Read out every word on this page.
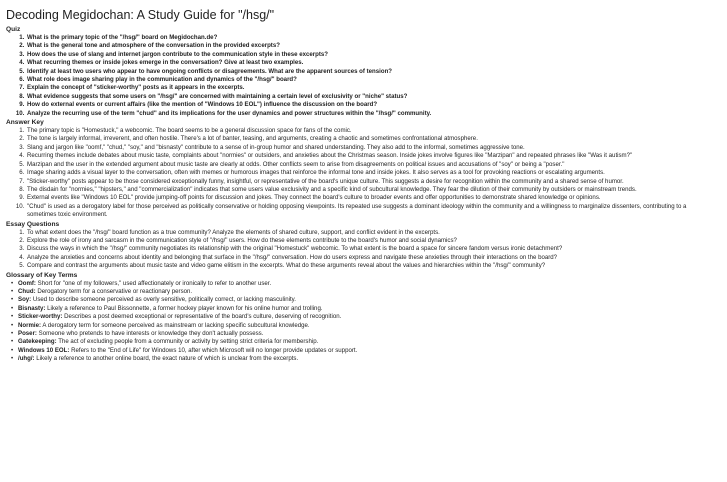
Decoding Megidochan: A Study Guide for "/hsg/"
Quiz
1. What is the primary topic of the "/hsg/" board on Megidochan.de?
2. What is the general tone and atmosphere of the conversation in the provided excerpts?
3. How does the use of slang and internet jargon contribute to the communication style in these excerpts?
4. What recurring themes or inside jokes emerge in the conversation? Give at least two examples.
5. Identify at least two users who appear to have ongoing conflicts or disagreements. What are the apparent sources of tension?
6. What role does image sharing play in the communication and dynamics of the "/hsg/" board?
7. Explain the concept of "sticker-worthy" posts as it appears in the excerpts.
8. What evidence suggests that some users on "/hsg/" are concerned with maintaining a certain level of exclusivity or "niche" status?
9. How do external events or current affairs (like the mention of "Windows 10 EOL") influence the discussion on the board?
10. Analyze the recurring use of the term "chud" and its implications for the user dynamics and power structures within the "/hsg/" community.
Answer Key
1. The primary topic is "Homestuck," a webcomic. The board seems to be a general discussion space for fans of the comic.
2. The tone is largely informal, irreverent, and often hostile. There's a lot of banter, teasing, and arguments, creating a chaotic and sometimes confrontational atmosphere.
3. Slang and jargon like "oomf," "chud," "soy," and "bisnasty" contribute to a sense of in-group humor and shared understanding. They also add to the informal, sometimes aggressive tone.
4. Recurring themes include debates about music taste, complaints about "normies" or outsiders, and anxieties about the Christmas season. Inside jokes involve figures like "Marzipan" and repeated phrases like "Was it autism?"
5. Marzipan and the user in the extended argument about music taste are clearly at odds. Other conflicts seem to arise from disagreements on political issues and accusations of "soy" or being a "poser."
6. Image sharing adds a visual layer to the conversation, often with memes or humorous images that reinforce the informal tone and inside jokes. It also serves as a tool for provoking reactions or escalating arguments.
7. "Sticker-worthy" posts appear to be those considered exceptionally funny, insightful, or representative of the board's unique culture. This suggests a desire for recognition within the community and a shared sense of humor.
8. The disdain for "normies," "hipsters," and "commercialization" indicates that some users value exclusivity and a specific kind of subcultural knowledge. They fear the dilution of their community by outsiders or mainstream trends.
9. External events like "Windows 10 EOL" provide jumping-off points for discussion and jokes. They connect the board's culture to broader events and offer opportunities to demonstrate shared knowledge or opinions.
10. "Chud" is used as a derogatory label for those perceived as politically conservative or holding opposing viewpoints. Its repeated use suggests a dominant ideology within the community and a willingness to marginalize dissenters, contributing to a sometimes toxic environment.
Essay Questions
1. To what extent does the "/hsg/" board function as a true community? Analyze the elements of shared culture, support, and conflict evident in the excerpts.
2. Explore the role of irony and sarcasm in the communication style of "/hsg/" users. How do these elements contribute to the board's humor and social dynamics?
3. Discuss the ways in which the "/hsg/" community negotiates its relationship with the original "Homestuck" webcomic. To what extent is the board a space for sincere fandom versus ironic detachment?
4. Analyze the anxieties and concerns about identity and belonging that surface in the "/hsg/" conversation. How do users express and navigate these anxieties through their interactions on the board?
5. Compare and contrast the arguments about music taste and video game elitism in the excerpts. What do these arguments reveal about the values and hierarchies within the "/hsg/" community?
Glossary of Key Terms
• Oomf: Short for "one of my followers," used affectionately or ironically to refer to another user.
• Chud: Derogatory term for a conservative or reactionary person.
• Soy: Used to describe someone perceived as overly sensitive, politically correct, or lacking masculinity.
• Bisnasty: Likely a reference to Paul Bissonnette, a former hockey player known for his online humor and trolling.
• Sticker-worthy: Describes a post deemed exceptional or representative of the board's culture, deserving of recognition.
• Normie: A derogatory term for someone perceived as mainstream or lacking specific subcultural knowledge.
• Poser: Someone who pretends to have interests or knowledge they don't actually possess.
• Gatekeeping: The act of excluding people from a community or activity by setting strict criteria for membership.
• Windows 10 EOL: Refers to the "End of Life" for Windows 10, after which Microsoft will no longer provide updates or support.
• /uhg/: Likely a reference to another online board, the exact nature of which is unclear from the excerpts.
